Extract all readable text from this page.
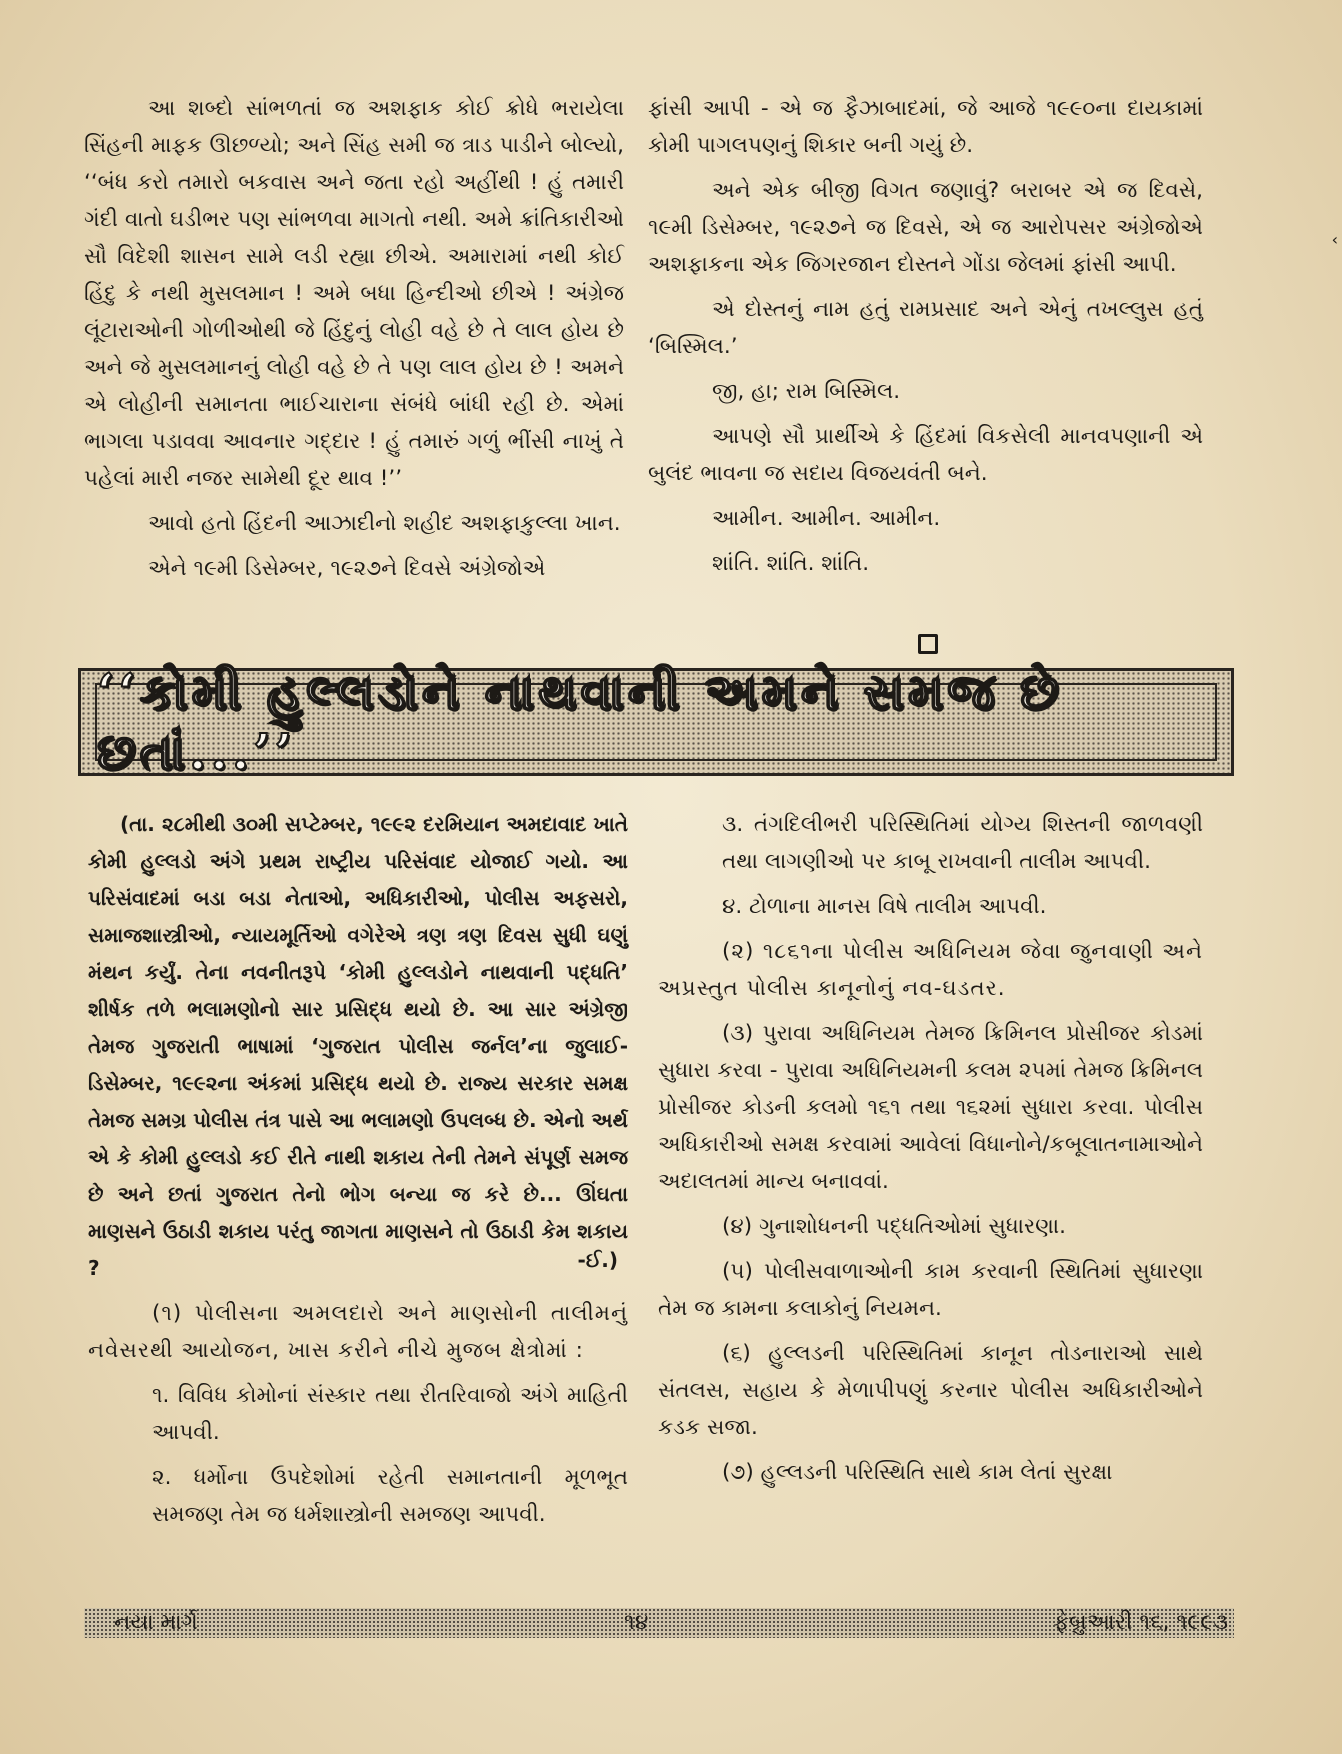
આ શબ્દો સાંભળતાં જ અશફાક કોઈ ક્રોધે ભરાયેલા સિંહની માફક ઊછળ્યો; અને સિંહ સમી જ ત્રાડ પાડીને બોલ્યો, ‘‘બંધ કરો તમારો બકવાસ અને જતા રહો અહીંથી ! હું તમારી ગંદી વાતો ઘડીભર પણ સાંભળવા માગતો નથી. અમે ક્રાંતિકારીઓ સૌ વિદેશી શાસન સામે લડી રહ્યા છીએ. અમારામાં નથી કોઈ હિંદુ કે નથી મુસલમાન ! અમે બધા હિન્દીઓ છીએ ! અંગ્રેજ લૂંટારાઓની ગોળીઓથી જે હિંદુનું લોહી વહે છે તે લાલ હોય છે અને જે મુસલમાનનું લોહી વહે છે તે પણ લાલ હોય છે ! અમને એ લોહીની સમાનતા ભાઈચારાના સંબંધે બાંધી રહી છે. એમાં ભાગલા પડાવવા આવનાર ગદ્દાર ! હું તમારું ગળું ભીંસી નાખું તે પહેલાં મારી નજર સામેથી દૂર થાવ !’’

આવો હતો હિંદની આઝાદીનો શહીદ અશફાકુલ્લા ખાન.

એને ૧૯મી ડિસેમ્બર, ૧૯૨૭ને દિવસે અંગ્રેજોએ

ફાંસી આપી - એ જ ફૈઝાબાદમાં, જે આજે ૧૯૯૦ના દાયકામાં કોમી પાગલપણનું શિકાર બની ગયું છે.

અને એક બીજી વિગત જણાવું? બરાબર એ જ દિવસે, ૧૯મી ડિસેમ્બર, ૧૯૨૭ને જ દિવસે, એ જ આરોપસર અંગ્રેજોએ અશફાકના એક જિગરજાન દોસ્તને ગોંડા જેલમાં ફાંસી આપી.

એ દોસ્તનું નામ હતું રામપ્રસાદ અને એનું તખલ્લુસ હતું ‘બિસ્મિલ.’

જી, હા; રામ બિસ્મિલ.

આપણે સૌ પ્રાર્થીએ કે હિંદમાં વિકસેલી માનવપણાની એ બુલંદ ભાવના જ સદાય વિજયવંતી બને.

આમીન. આમીન. આમીન.

શાંતિ. શાંતિ. શાંતિ.

‹
‘‘કોમી હુલ્લડોને નાથવાની અમને સમજ છે છતાં...’’

(તા. ૨૮મીથી ૩૦મી સપ્ટેમ્બર, ૧૯૯૨ દરમિયાન અમદાવાદ ખાતે કોમી હુલ્લડો અંગે પ્રથમ રાષ્ટ્રીય પરિસંવાદ યોજાઈ ગયો. આ પરિસંવાદમાં બડા બડા નેતાઓ, અધિકારીઓ, પોલીસ અફસરો, સમાજશાસ્ત્રીઓ, ન્યાયમૂર્તિઓ વગેરેએ ત્રણ ત્રણ દિવસ સુધી ઘણું મંથન કર્યું. તેના નવનીતરૂપે ‘કોમી હુલ્લડોને નાથવાની પદ્ધતિ’ શીર્ષક તળે ભલામણોનો સાર પ્રસિદ્ધ થયો છે. આ સાર અંગ્રેજી તેમજ ગુજરાતી ભાષામાં ‘ગુજરાત પોલીસ જર્નલ’ના જુલાઈ-ડિસેમ્બર, ૧૯૯૨ના અંકમાં પ્રસિદ્ધ થયો છે. રાજ્ય સરકાર સમક્ષ તેમજ સમગ્ર પોલીસ તંત્ર પાસે આ ભલામણો ઉપલબ્ધ છે. એનો અર્થ એ કે કોમી હુલ્લડો કઈ રીતે નાથી શકાય તેની તેમને સંપૂર્ણ સમજ છે અને છતાં ગુજરાત તેનો ભોગ બન્યા જ કરે છે... ઊંઘતા માણસને ઉઠાડી શકાય પરંતુ જાગતા માણસને તો ઉઠાડી કેમ શકાય ?	-ઈ.)

(૧) પોલીસના અમલદારો અને માણસોની તાલીમનું નવેસરથી આયોજન, ખાસ કરીને નીચે મુજબ ક્ષેત્રોમાં :

૧. વિવિધ કોમોનાં સંસ્કાર તથા રીતરિવાજો અંગે માહિતી આપવી.

૨. ધર્મોના ઉપદેશોમાં રહેતી સમાનતાની મૂળભૂત સમજણ તેમ જ ધર્મશાસ્ત્રોની સમજણ આપવી.

૩. તંગદિલીભરી પરિસ્થિતિમાં યોગ્ય શિસ્તની જાળવણી તથા લાગણીઓ પર કાબૂ રાખવાની તાલીમ આપવી.

૪. ટોળાના માનસ વિષે તાલીમ આપવી.

(૨) ૧૮૬૧ના પોલીસ અધિનિયમ જેવા જુનવાણી અને અપ્રસ્તુત પોલીસ કાનૂનોનું નવ-ઘડતર.

(૩) પુરાવા અધિનિયમ તેમજ ક્રિમિનલ પ્રોસીજર કોડમાં સુધારા કરવા - પુરાવા અધિનિયમની કલમ ૨૫માં તેમજ ક્રિમિનલ પ્રોસીજર કોડની કલમો ૧૬૧ તથા ૧૬૨માં સુધારા કરવા. પોલીસ અધિકારીઓ સમક્ષ કરવામાં આવેલાં વિધાનોને/કબૂલાતનામાઓને અદાલતમાં માન્ય બનાવવાં.

(૪) ગુનાશોધનની પદ્ધતિઓમાં સુધારણા.

(૫) પોલીસવાળાઓની કામ કરવાની સ્થિતિમાં સુધારણા તેમ જ કામના કલાકોનું નિયમન.

(૬) હુલ્લડની પરિસ્થિતિમાં કાનૂન તોડનારાઓ સાથે સંતલસ, સહાય કે મેળાપીપણું કરનાર પોલીસ અધિકારીઓને કડક સજા.

(૭) હુલ્લડની પરિસ્થિતિ સાથે કામ લેતાં સુરક્ષા

નયા માર્ગ	૧૪	ફેબ્રુઆરી ૧૬, ૧૯૯૩
